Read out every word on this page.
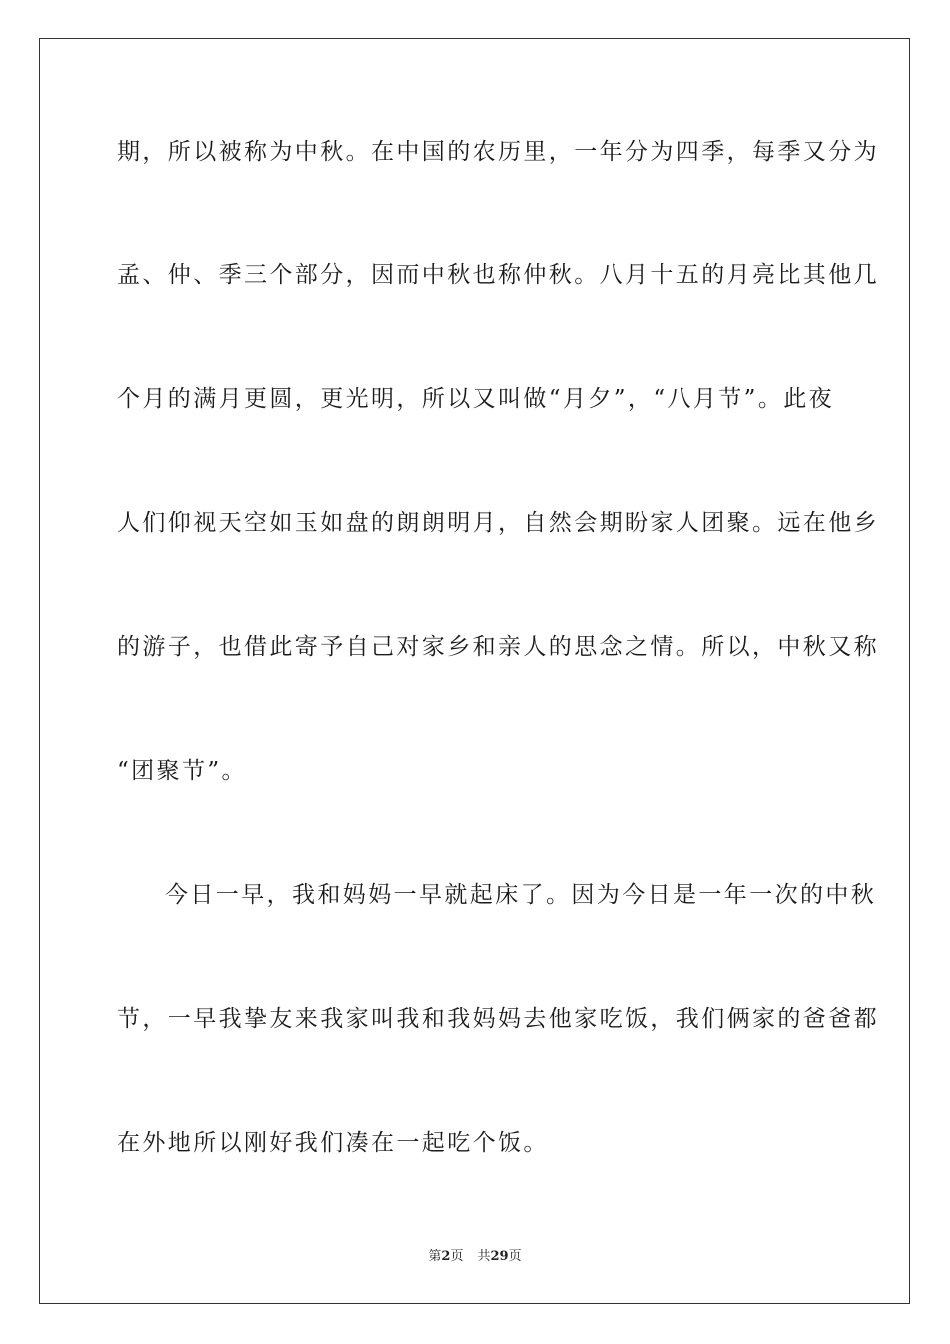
期，所以被称为中秋。在中国的农历里，一年分为四季，每季又分为
孟、仲、季三个部分，因而中秋也称仲秋。八月十五的月亮比其他几
个月的满月更圆，更光明，所以又叫做“月夕”，“八月节”。此夜
人们仰视天空如玉如盘的朗朗明月，自然会期盼家人团聚。远在他乡
的游子，也借此寄予自己对家乡和亲人的思念之情。所以，中秋又称
“团聚节”。
今日一早，我和妈妈一早就起床了。因为今日是一年一次的中秋
节，一早我挚友来我家叫我和我妈妈去他家吃饭，我们俩家的爸爸都
在外地所以刚好我们凑在一起吃个饭。
第2页 共29页
